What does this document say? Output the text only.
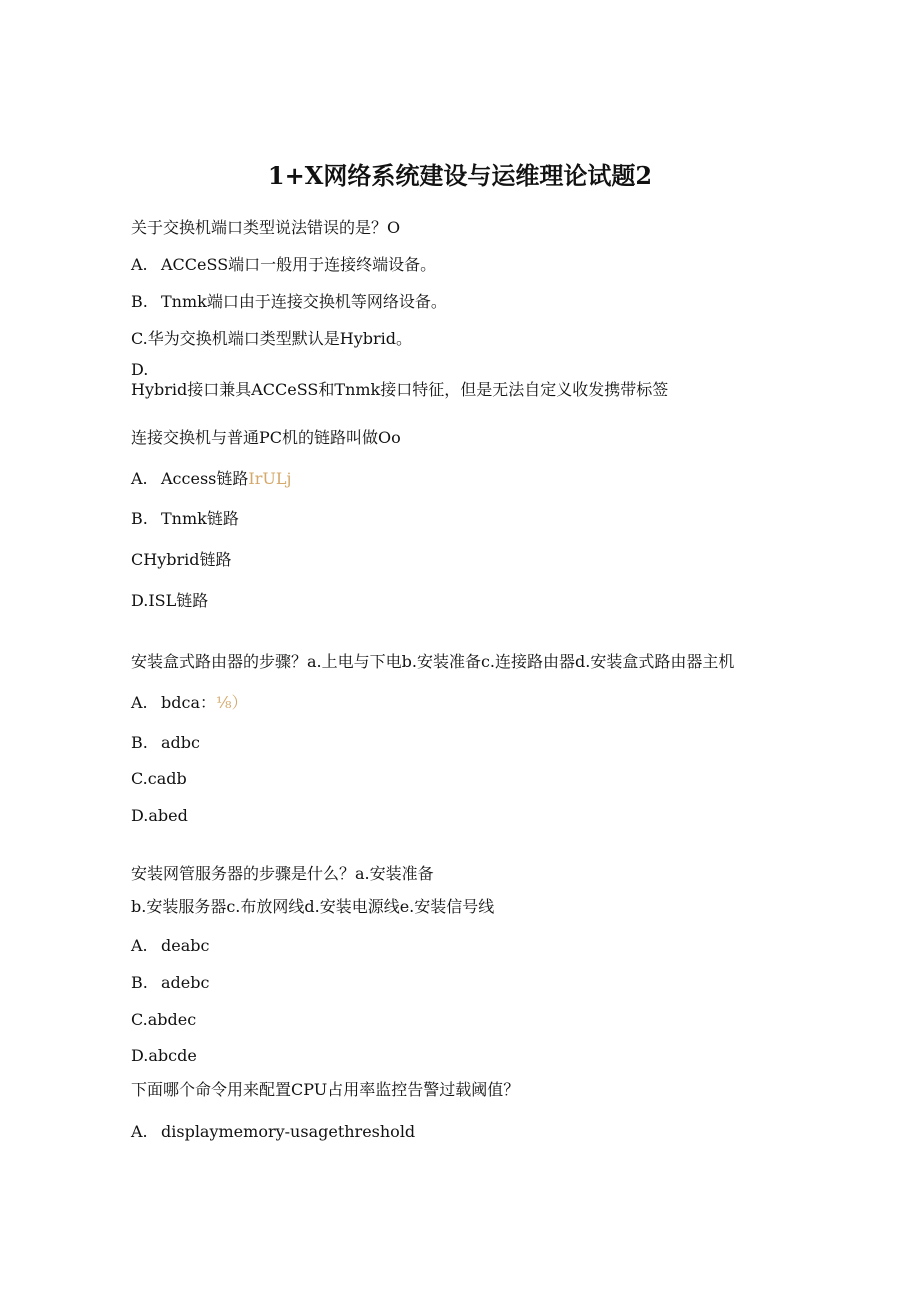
1+X网络系统建设与运维理论试题2
关于交换机端口类型说法错误的是？O
A. ACCeSS端口一般用于连接终端设备。
B. Tnmk端口由于连接交换机等网络设备。
C.华为交换机端口类型默认是Hybrid。
D.
Hybrid接口兼具ACCeSS和Tnmk接口特征，但是无法自定义收发携带标签
连接交换机与普通PC机的链路叫做Oo
A. Access链路IrULj
B. Tnmk链路
CHybrid链路
D.ISL链路
安装盒式路由器的步骤？a.上电与下电b.安装准备c.连接路由器d.安装盒式路由器主机
A. bdca：⅛）
B. adbc
C.cadb
D.abed
安装网管服务器的步骤是什么？a.安装准备
b.安装服务器c.布放网线d.安装电源线e.安装信号线
A. deabc
B. adebc
C.abdec
D.abcde
下面哪个命令用来配置CPU占用率监控告警过载阈值？
A. displaymemory-usagethreshold
